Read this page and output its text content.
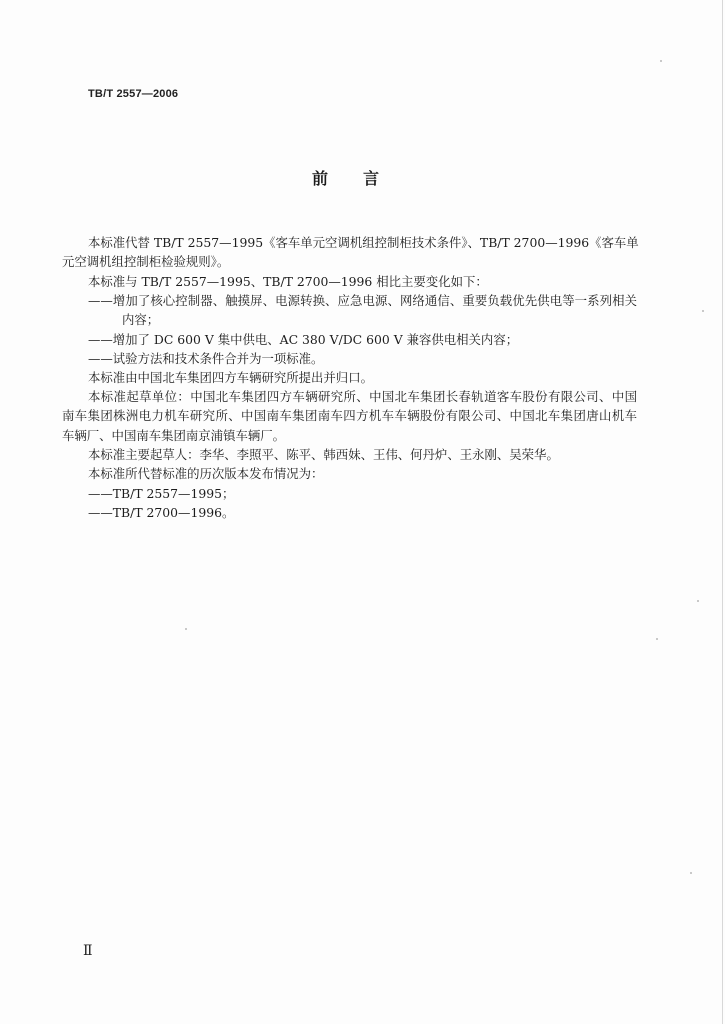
TB/T 2557—2006
前　　言
本标准代替 TB/T 2557—1995《客车单元空调机组控制柜技术条件》、TB/T 2700—1996《客车单
元空调机组控制柜检验规则》。
本标准与 TB/T 2557—1995、TB/T 2700—1996 相比主要变化如下：
——增加了核心控制器、触摸屏、电源转换、应急电源、网络通信、重要负载优先供电等一系列相关
内容；
——增加了 DC 600 V 集中供电、AC 380 V/DC 600 V 兼容供电相关内容；
——试验方法和技术条件合并为一项标准。
本标准由中国北车集团四方车辆研究所提出并归口。
本标准起草单位：中国北车集团四方车辆研究所、中国北车集团长春轨道客车股份有限公司、中国
南车集团株洲电力机车研究所、中国南车集团南车四方机车车辆股份有限公司、中国北车集团唐山机车
车辆厂、中国南车集团南京浦镇车辆厂。
本标准主要起草人：李华、李照平、陈平、韩西妹、王伟、何丹炉、王永刚、吴荣华。
本标准所代替标准的历次版本发布情况为：
——TB/T 2557—1995；
——TB/T 2700—1996。
Ⅱ
